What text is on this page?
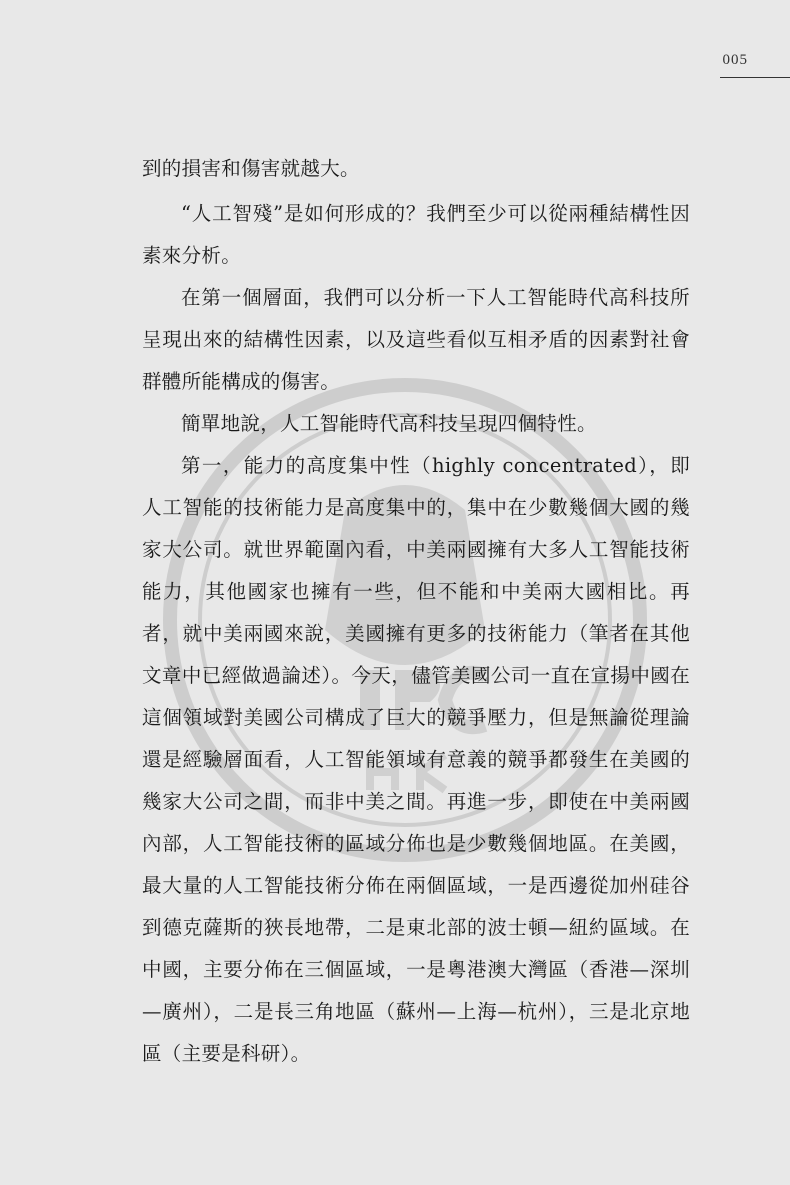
005

到的損害和傷害就越大。

“人工智殘”是如何形成的？我們至少可以從兩種結構性因素來分析。

在第一個層面，我們可以分析一下人工智能時代高科技所呈現出來的結構性因素，以及這些看似互相矛盾的因素對社會群體所能構成的傷害。

簡單地說，人工智能時代高科技呈現四個特性。

第一，能力的高度集中性（highly concentrated），即人工智能的技術能力是高度集中的，集中在少數幾個大國的幾家大公司。就世界範圍內看，中美兩國擁有大多人工智能技術能力，其他國家也擁有一些，但不能和中美兩大國相比。再者，就中美兩國來說，美國擁有更多的技術能力（筆者在其他文章中已經做過論述）。今天，儘管美國公司一直在宣揚中國在這個領域對美國公司構成了巨大的競爭壓力，但是無論從理論還是經驗層面看，人工智能領域有意義的競爭都發生在美國的幾家大公司之間，而非中美之間。再進一步，即使在中美兩國內部，人工智能技術的區域分佈也是少數幾個地區。在美國，最大量的人工智能技術分佈在兩個區域，一是西邊從加州硅谷到德克薩斯的狹長地帶，二是東北部的波士頓—紐約區域。在中國，主要分佈在三個區域，一是粵港澳大灣區（香港—深圳—廣州），二是長三角地區（蘇州—上海—杭州），三是北京地區（主要是科研）。
